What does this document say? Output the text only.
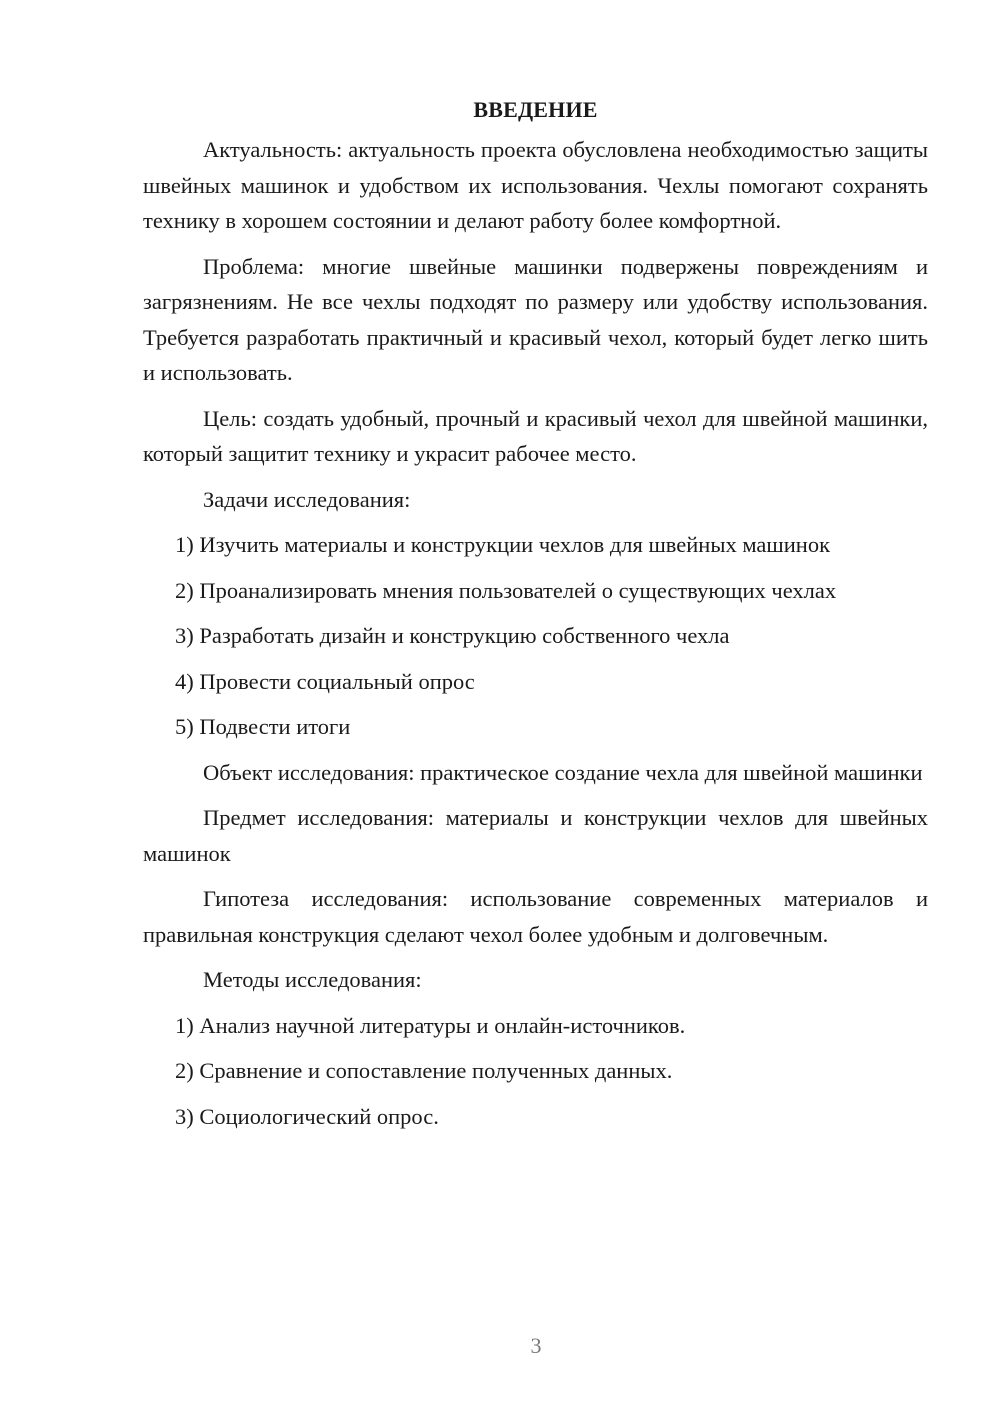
ВВЕДЕНИЕ

Актуальность: актуальность проекта обусловлена необходимостью защиты швейных машинок и удобством их использования. Чехлы помогают сохранять технику в хорошем состоянии и делают работу более комфортной.

Проблема: многие швейные машинки подвержены повреждениям и загрязнениям. Не все чехлы подходят по размеру или удобству использования. Требуется разработать практичный и красивый чехол, который будет легко шить и использовать.

Цель: создать удобный, прочный и красивый чехол для швейной машинки, который защитит технику и украсит рабочее место.

Задачи исследования:

1) Изучить материалы и конструкции чехлов для швейных машинок
2) Проанализировать мнения пользователей о существующих чехлах
3) Разработать дизайн и конструкцию собственного чехла
4) Провести социальный опрос
5) Подвести итоги

Объект исследования: практическое создание чехла для швейной машинки

Предмет исследования: материалы и конструкции чехлов для швейных машинок

Гипотеза исследования: использование современных материалов и правильная конструкция сделают чехол более удобным и долговечным.

Методы исследования:

1) Анализ научной литературы и онлайн-источников.
2) Сравнение и сопоставление полученных данных.
3) Социологический опрос.
3
